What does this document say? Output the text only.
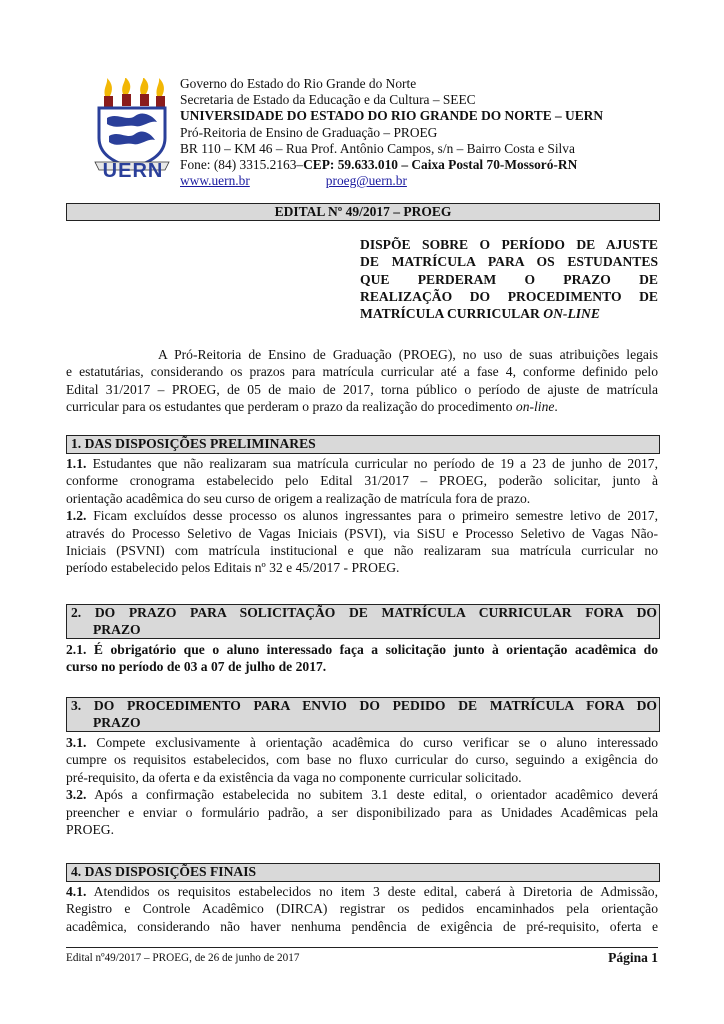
UERN
Governo do Estado do Rio Grande do Norte
Secretaria de Estado da Educação e da Cultura – SEEC
UNIVERSIDADE DO ESTADO DO RIO GRANDE DO NORTE – UERN
Pró-Reitoria de Ensino de Graduação – PROEG
BR 110 – KM 46 – Rua Prof. Antônio Campos, s/n – Bairro Costa e Silva
Fone: (84) 3315.2163–CEP: 59.633.010 – Caixa Postal 70-Mossoró-RN
www.uern.br	proeg@uern.br
EDITAL Nº 49/2017 – PROEG
DISPÕE SOBRE O PERÍODO DE AJUSTE
DE MATRÍCULA PARA OS ESTUDANTES
QUE PERDERAM O PRAZO DE
REALIZAÇÃO DO PROCEDIMENTO DE
MATRÍCULA CURRICULAR ON-LINE
A Pró-Reitoria de Ensino de Graduação (PROEG), no uso de suas atribuições legais
e estatutárias, considerando os prazos para matrícula curricular até a fase 4, conforme definido pelo
Edital 31/2017 – PROEG, de 05 de maio de 2017, torna público o período de ajuste de matrícula
curricular para os estudantes que perderam o prazo da realização do procedimento on-line.
1. DAS DISPOSIÇÕES PRELIMINARES
1.1. Estudantes que não realizaram sua matrícula curricular no período de 19 a 23 de junho de 2017,
conforme cronograma estabelecido pelo Edital 31/2017 – PROEG, poderão solicitar, junto à
orientação acadêmica do seu curso de origem a realização de matrícula fora de prazo.
1.2. Ficam excluídos desse processo os alunos ingressantes para o primeiro semestre letivo de 2017,
através do Processo Seletivo de Vagas Iniciais (PSVI), via SiSU e Processo Seletivo de Vagas Não-
Iniciais (PSVNI) com matrícula institucional e que não realizaram sua matrícula curricular no
período estabelecido pelos Editais nº 32 e 45/2017 - PROEG.
2. DO PRAZO PARA SOLICITAÇÃO DE MATRÍCULA CURRICULAR FORA DO
PRAZO
2.1. É obrigatório que o aluno interessado faça a solicitação junto à orientação acadêmica do
curso no período de 03 a 07 de julho de 2017.
3. DO PROCEDIMENTO PARA ENVIO DO PEDIDO DE MATRÍCULA FORA DO
PRAZO
3.1. Compete exclusivamente à orientação acadêmica do curso verificar se o aluno interessado
cumpre os requisitos estabelecidos, com base no fluxo curricular do curso, seguindo a exigência do
pré-requisito, da oferta e da existência da vaga no componente curricular solicitado.
3.2. Após a confirmação estabelecida no subitem 3.1 deste edital, o orientador acadêmico deverá
preencher e enviar o formulário padrão, a ser disponibilizado para as Unidades Acadêmicas pela
PROEG.
4. DAS DISPOSIÇÕES FINAIS
4.1. Atendidos os requisitos estabelecidos no item 3 deste edital, caberá à Diretoria de Admissão,
Registro e Controle Acadêmico (DIRCA) registrar os pedidos encaminhados pela orientação
acadêmica, considerando não haver nenhuma pendência de exigência de pré-requisito, oferta e
Edital nº49/2017 – PROEG, de 26 de junho de 2017	Página 1
